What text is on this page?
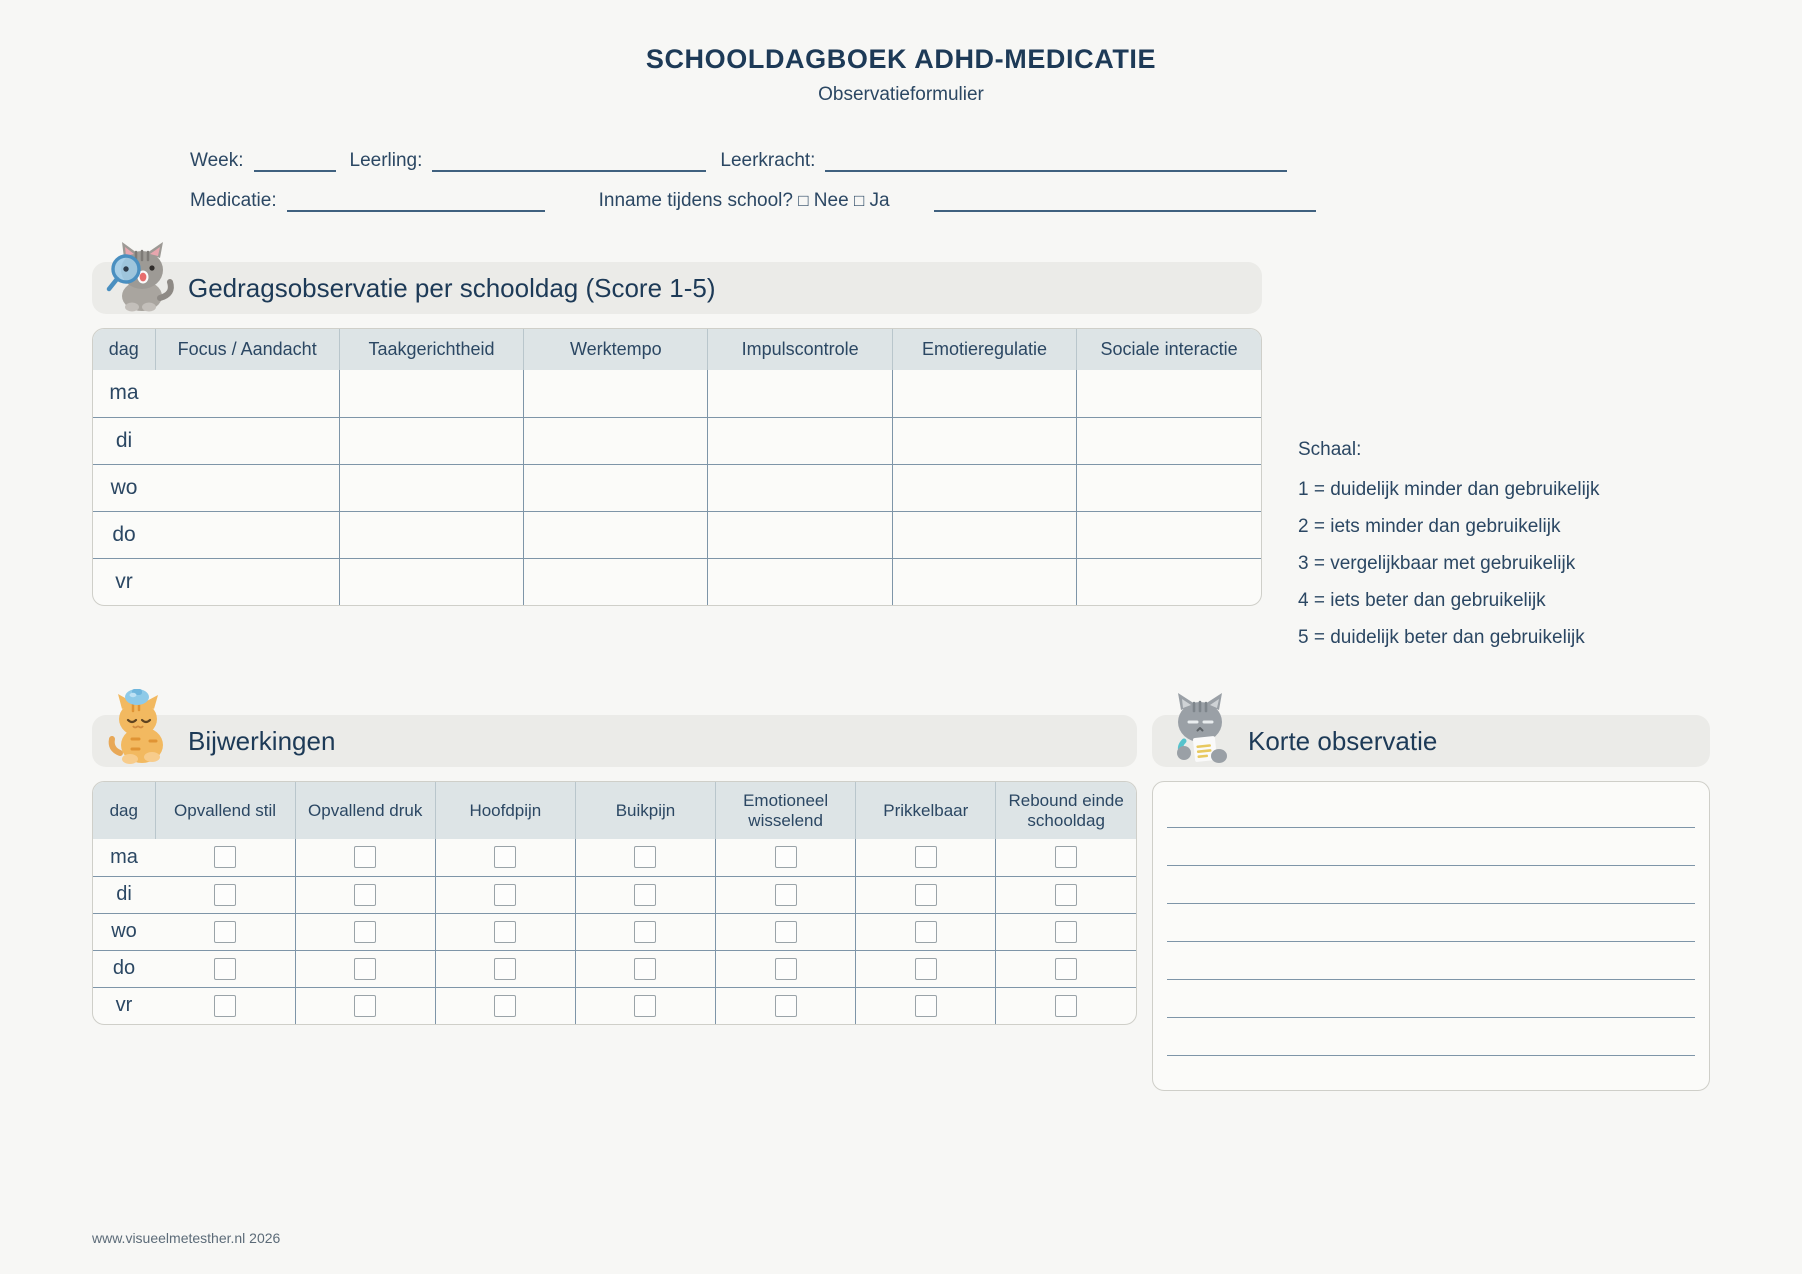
SCHOOLDAGBOEK ADHD-MEDICATIE
Observatieformulier
Week:	Leerling:	Leerkracht:
Medicatie:	Inname tijdens school? □ Nee □ Ja
Gedragsobservatie per schooldag (Score 1-5)
dag	Focus / Aandacht	Taakgerichtheid	Werktempo	Impulscontrole	Emotieregulatie	Sociale interactie
ma						
di						
wo						
do						
vr						
Schaal:
1 = duidelijk minder dan gebruikelijk
2 = iets minder dan gebruikelijk
3 = vergelijkbaar met gebruikelijk
4 = iets beter dan gebruikelijk
5 = duidelijk beter dan gebruikelijk
Bijwerkingen
dag	Opvallend stil	Opvallend druk	Hoofdpijn	Buikpijn	Emotioneel wisselend	Prikkelbaar	Rebound einde schooldag
ma							
di							
wo							
do							
vr							
Korte observatie
www.visueelmetesther.nl 2026
